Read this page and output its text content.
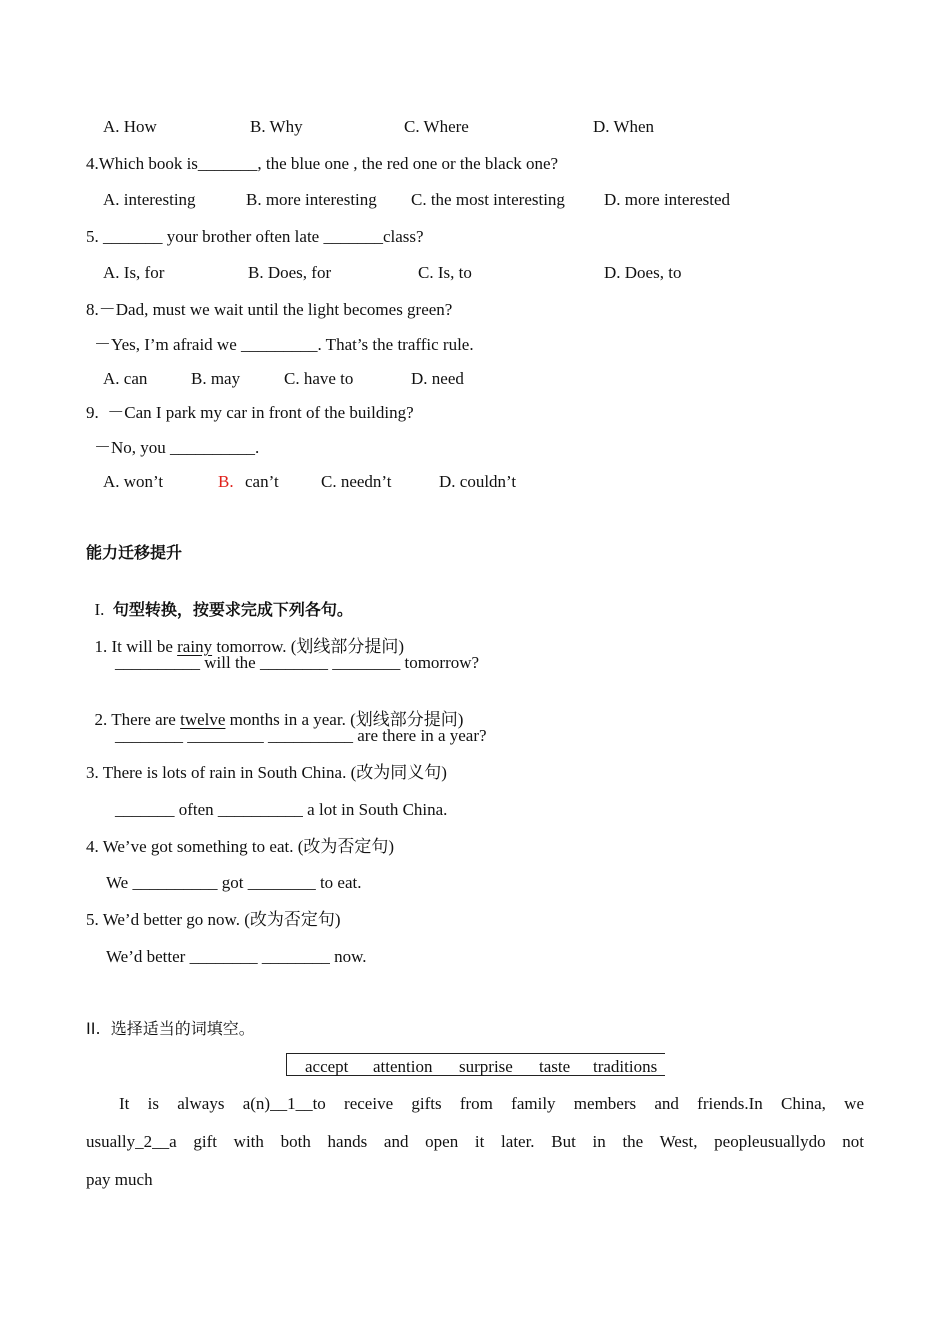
A. How	B. Why	C. Where	D. When
4.Which book is_______, the blue one , the red one or the black one?
A. interesting	B. more interesting C. the most interesting D. more interested
5. _______ your brother often late _______class?
A. Is, for	B. Does, for	C. Is, to	D. Does, to
8.－Dad, must we wait until the light becomes green?
－Yes, I’m afraid we _________. That’s the traffic rule.
A. can	B. may	C. have to	D. need
9.  －Can I park my car in front of the building?
－No, you __________.
A. won’t	B. can’t C. needn’t	D. couldn’t
能力迁移提升

I. 句型转换，按要求完成下列各句。

1. It will be rainy tomorrow. (划线部分提问)

__________ will the ________ ________ tomorrow?

2. There are twelve months in a year. (划线部分提问)

________ _________ __________ are there in a year?
3. There is lots of rain in South China. (改为同义句)
_______ often __________ a lot in South China.
4. We’ve got something to eat. (改为否定句)
We __________ got ________ to eat.
5. We’d better go now. (改为否定句)
We’d better ________ ________ now.
II.  选择适当的词填空。
accept attention surprise taste traditions
It is always a(n)__1__to receive gifts from family members and friends.In China, we
usually_2__a gift with both hands and open it later. But in the West, peopleusuallydo not
pay much
